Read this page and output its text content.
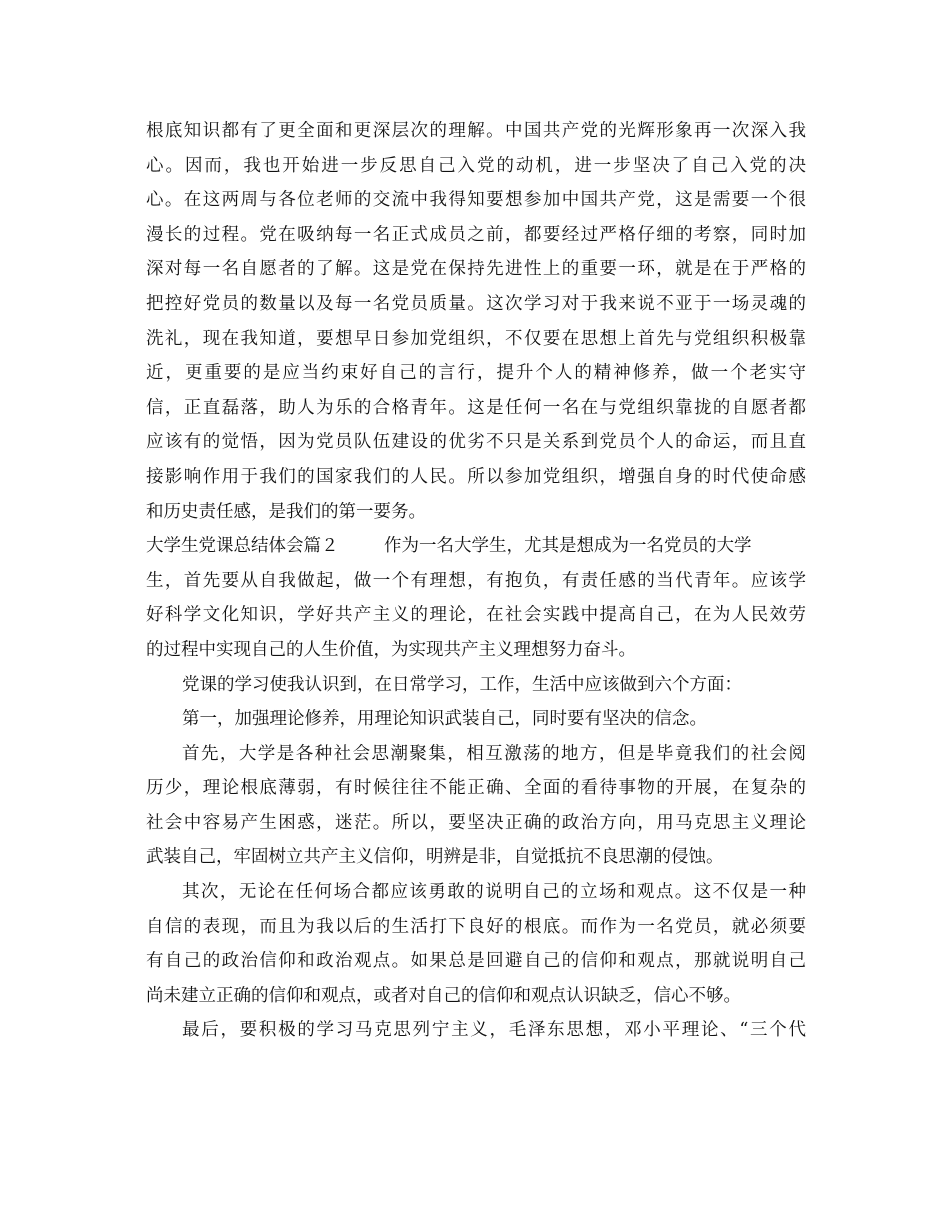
根底知识都有了更全面和更深层次的理解。中国共产党的光辉形象再一次深入我
心。因而，我也开始进一步反思自己入党的动机，进一步坚决了自己入党的决
心。在这两周与各位老师的交流中我得知要想参加中国共产党，这是需要一个很
漫长的过程。党在吸纳每一名正式成员之前，都要经过严格仔细的考察，同时加
深对每一名自愿者的了解。这是党在保持先进性上的重要一环，就是在于严格的
把控好党员的数量以及每一名党员质量。这次学习对于我来说不亚于一场灵魂的
洗礼，现在我知道，要想早日参加党组织，不仅要在思想上首先与党组织积极靠
近，更重要的是应当约束好自己的言行，提升个人的精神修养，做一个老实守
信，正直磊落，助人为乐的合格青年。这是任何一名在与党组织靠拢的自愿者都
应该有的觉悟，因为党员队伍建设的优劣不只是关系到党员个人的命运，而且直
接影响作用于我们的国家我们的人民。所以参加党组织，增强自身的时代使命感
和历史责任感，是我们的第一要务。
大学生党课总结体会篇２	作为一名大学生，尤其是想成为一名党员的大学
生，首先要从自我做起，做一个有理想，有抱负，有责任感的当代青年。应该学
好科学文化知识，学好共产主义的理论，在社会实践中提高自己，在为人民效劳
的过程中实现自己的人生价值，为实现共产主义理想努力奋斗。
党课的学习使我认识到，在日常学习，工作，生活中应该做到六个方面：
第一，加强理论修养，用理论知识武装自己，同时要有坚决的信念。
首先，大学是各种社会思潮聚集，相互激荡的地方，但是毕竟我们的社会阅
历少，理论根底薄弱，有时候往往不能正确、全面的看待事物的开展，在复杂的
社会中容易产生困惑，迷茫。所以，要坚决正确的政治方向，用马克思主义理论
武装自己，牢固树立共产主义信仰，明辨是非，自觉抵抗不良思潮的侵蚀。
其次，无论在任何场合都应该勇敢的说明自己的立场和观点。这不仅是一种
自信的表现，而且为我以后的生活打下良好的根底。而作为一名党员，就必须要
有自己的政治信仰和政治观点。如果总是回避自己的信仰和观点，那就说明自己
尚未建立正确的信仰和观点，或者对自己的信仰和观点认识缺乏，信心不够。
最后，要积极的学习马克思列宁主义，毛泽东思想，邓小平理论、“三个代
